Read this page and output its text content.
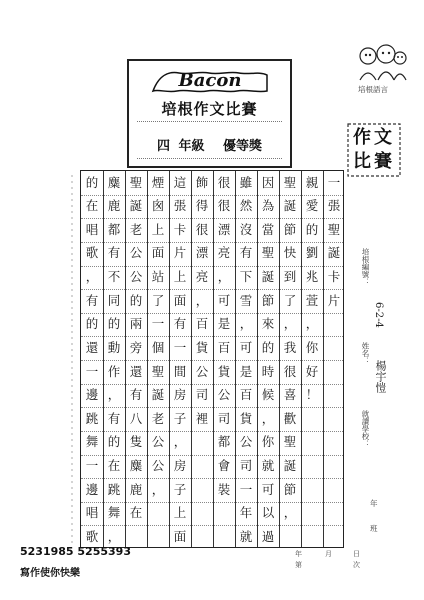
Bacon
培根作文比賽
四 年級 優等獎
培根語言
作文比賽
一
張
聖
誕
卡
片
親
愛
的
劉
兆
萱
，
你
好
！
聖
誕
節
快
到
了
，
我
很
喜
歡
聖
誕
節
，
因
為
當
聖
誕
節
來
的
時
候
，
你
就
可
以
過
雖
然
沒
有
下
雪
，
可
是
百
貨
公
司
一
年
就
很
很
漂
亮
，
可
是
百
貨
公
司
都
會
裝
飾
得
很
漂
亮
，
百
貨
公
司
裡
這
張
卡
片
上
面
有
一
間
房
子
，
房
子
上
面
煙
囪
上
面
站
了
一
個
聖
誕
老
公
公
，
聖
誕
老
公
公
的
兩
旁
還
有
八
隻
麋
鹿
在
麋
鹿
都
有
不
同
的
動
作
，
有
的
在
跳
舞
，
的
在
唱
歌
，
有
的
還
一
邊
跳
舞
一
邊
唱
歌
培根編號：
6-2-4
姓名：
楊宇愷
就讀學校：
年
班
年	月	日
第	次
5231985 5255393
寫作使你快樂
